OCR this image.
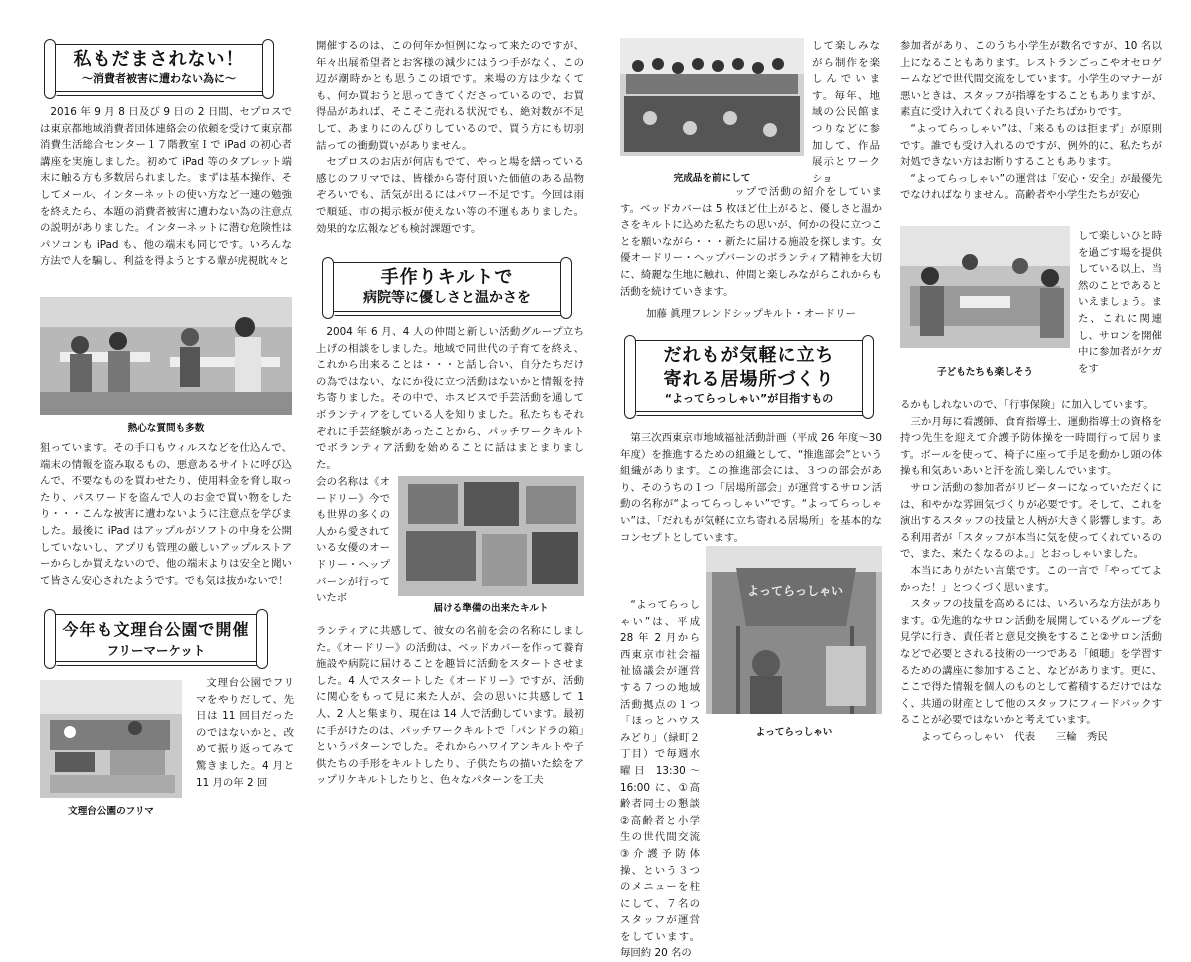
私もだまされない！
～消費者被害に遭わない為に～

2016 年 9 月 8 日及び 9 日の 2 日間、セプロスでは東京都地域消費者団体連絡会の依頼を受けて東京都消費生活総合センター１７階教室Ｉで iPad の初心者講座を実施しました。初めて iPad 等のタブレット端末に触る方も多数居られました。まずは基本操作、そしてメール、インターネットの使い方など一連の勉強を終えたら、本題の消費者被害に遭わない為の注意点の説明がありました。インターネットに潜む危険性はパソコンも iPad も、他の端末も同じです。いろんな方法で人を騙し、利益を得ようとする輩が虎視眈々と

熱心な質問も多数

狙っています。その手口もウィルスなどを仕込んで、端末の情報を盗み取るもの、悪意あるサイトに呼び込んで、不要なものを買わせたり、使用料金を脅し取ったり、パスワードを盗んで人のお金で買い物をしたり・・・こんな被害に遭わないように注意点を学びました。最後に iPad はアップルがソフトの中身を公開していないし、アプリも管理の厳しいアップルストアーからしか買えないので、他の端末よりは安全と聞いて皆さん安心されたようです。でも気は抜かないで！

今年も文理台公園で開催
フリーマーケット

文理台公園でフリマをやりだして、先日は 11 回目だったのではないかと、改めて振り返ってみて驚きました。4 月と 11 月の年 2 回

文理台公園のフリマ

開催するのは、この何年か恒例になって来たのですが、年々出展希望者とお客様の減少にはうつ手がなく、この辺が潮時かとも思うこの頃です。来場の方は少なくても、何か買おうと思ってきてくださっているので、お買得品があれば、そこそこ売れる状況でも、絶対数が不足して、あまりにのんびりしているので、買う方にも切羽詰っての衝動買いがありません。

セプロスのお店が何店もでて、やっと場を繕っている感じのフリマでは、皆様から寄付頂いた価値のある品物ぞろいでも、活気が出るにはパワー不足です。今回は雨で順延、市の掲示板が使えない等の不運もありました。効果的な広報なども検討課題です。

手作りキルトで
病院等に優しさと温かさを

2004 年 6 月、4 人の仲間と新しい活動グループ立ち上げの相談をしました。地域で同世代の子育てを終え、これから出来ることは・・・と話し合い、自分たちだけの為ではない、なにか役に立つ活動はないかと情報を持ち寄りました。その中で、ホスピスで手芸活動を通してボランティアをしている人を知りました。私たちもそれぞれに手芸経験があったことから、パッチワークキルトでボランティア活動を始めることに話はまとまりました。

会の名称は《オードリー》今でも世界の多くの人から愛されている女優のオードリー・ヘップバーンが行っていたボ

届ける準備の出来たキルト

ランティアに共感して、彼女の名前を会の名称にしました。《オードリー》の活動は、ベッドカバーを作って養育施設や病院に届けることを趣旨に活動をスタートさせました。4 人でスタートした《オードリー》ですが、活動に関心をもって見に来た人が、会の思いに共感して 1 人、2 人と集まり、現在は 14 人で活動しています。最初に手がけたのは、パッチワークキルトで「パンドラの箱」というパターンでした。それからハワイアンキルトや子供たちの手形をキルトしたり、子供たちの描いた絵をアップリケキルトしたりと、色々なパターンを工夫

完成品を前にして

して楽しみながら制作を楽しんでいます。毎年、地域の公民館まつりなどに参加して、作品展示とワークショ

ップで活動の紹介をしています。ベッドカバーは 5 枚ほど仕上がると、優しさと温かさをキルトに込めた私たちの思いが、何かの役に立つことを願いながら・・・新たに届ける施設を探します。女優オードリー・ヘップバーンのボランティア精神を大切に、綺麗な生地に触れ、仲間と楽しみながらこれからも活動を続けていきます。

加藤 眞理フレンドシップキルト・オードリー
だれもが気軽に立ち
寄れる居場所づくり
“よってらっしゃい”が目指すもの

第三次西東京市地域福祉活動計画（平成 26 年度～30 年度）を推進するための組織として、“推進部会”という組織があります。この推進部会には、３つの部会があり、そのうちの１つ「居場所部会」が運営するサロン活動の名称が“よってらっしゃい”です。“よってらっしゃい”は、「だれもが気軽に立ち寄れる居場所」を基本的なコンセプトとしています。

よってらっしゃい

“よってらっしゃい”は、平成 28 年 2 月から西東京市社会福祉協議会が運営する７つの地域活動拠点の１つ「ほっとハウスみどり」（緑町２丁目）で毎週水曜日 13:30～16:00 に、①高齢者同士の懇談②高齢者と小学生の世代間交流③介護予防体操、という３つのメニューを柱にして、７名のスタッフが運営をしています。毎回約 20 名の

よってらっしゃい

参加者があり、このうち小学生が数名ですが、10 名以上になることもあります。レストランごっこやオセロゲームなどで世代間交流をしています。小学生のマナーが悪いときは、スタッフが指導をすることもありますが、素直に受け入れてくれる良い子たちばかりです。

“よってらっしゃい”は、「来るものは拒まず」が原則です。誰でも受け入れるのですが、例外的に、私たちが対処できない方はお断りすることもあります。

“よってらっしゃい”の運営は「安心・安全」が最優先でなければなりません。高齢者や小学生たちが安心

子どもたちも楽しそう

して楽しいひと時を過ごす場を提供している以上、当然のことであるといえましょう。また、これに関連し、サロンを開催中に参加者がケガをす

るかもしれないので、「行事保険」に加入しています。

三か月毎に看護師、食育指導士、運動指導士の資格を持つ先生を迎えて介護予防体操を一時間行って居ります。ボールを使って、椅子に座って手足を動かし頭の体操も和気あいあいと汗を流し楽しんでいます。

サロン活動の参加者がリピーターになっていただくには、和やかな雰囲気づくりが必要です。そして、これを演出するスタッフの技量と人柄が大きく影響します。ある利用者が「スタッフが本当に気を使ってくれているので、また、来たくなるのよ。」とおっしゃいました。

本当にありがたい言葉です。この一言で「やっててよかった！」とつくづく思います。

スタッフの技量を高めるには、いろいろな方法があります。①先進的なサロン活動を展開しているグループを見学に行き、責任者と意見交換をすること②サロン活動などで必要とされる技術の一つである「傾聴」を学習するための講座に参加すること、などがあります。更に、ここで得た情報を個人のものとして蓄積するだけではなく、共通の財産として他のスタッフにフィードバックすることが必要ではないかと考えています。

よってらっしゃい　代表　　三輪　秀民
